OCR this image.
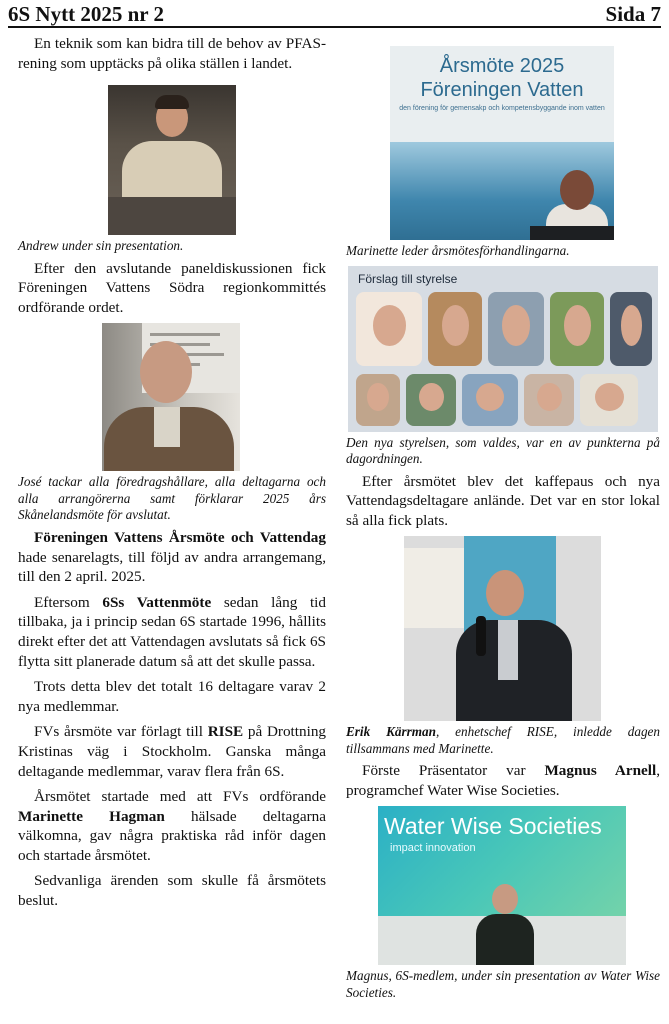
6S Nytt 2025 nr 2	Sida 7

En teknik som kan bidra till de behov av PFAS-rening som upptäcks på olika ställen i landet.

Andrew under sin presentation.

Efter den avslutande paneldiskussionen fick Föreningen Vattens Södra regionkommittés ordförande ordet.

José tackar alla föredragshållare, alla deltagarna och alla arrangörerna samt förklarar 2025 års Skånelandsmöte för avslutat.

Föreningen Vattens Årsmöte och Vattendag hade senarelagts, till följd av andra arrangemang, till den 2 april. 2025.

Eftersom 6Ss Vattenmöte sedan lång tid tillbaka, ja i princip sedan 6S startade 1996, hållits direkt efter det att Vattendagen avslutats så fick 6S flytta sitt planerade datum så att det skulle passa.

Trots detta blev det totalt 16 deltagare varav 2 nya medlemmar.

FVs årsmöte var förlagt till RISE på Drottning Kristinas väg i Stockholm. Ganska många deltagande medlemmar, varav flera från 6S.

Årsmötet startade med att FVs ordförande Marinette Hagman hälsade deltagarna välkomna, gav några praktiska råd inför dagen och startade årsmötet.

Sedvanliga ärenden som skulle få årsmötets beslut.

Årsmöte 2025
Föreningen Vatten
den förening för gemensakp och kompetensbyggande inom vatten

Marinette leder årsmötesförhandlingarna.

Förslag till styrelse

Den nya styrelsen, som valdes, var en av punkterna på dagordningen.

Efter årsmötet blev det kaffepaus och nya Vattendagsdeltagare anlände. Det var en stor lokal så alla fick plats.

Erik Kärrman, enhetschef RISE, inledde dagen tillsammans med Marinette.

Förste Präsentator var Magnus Arnell, programchef Water Wise Societies.

Water Wise Societies
impact innovation

Magnus, 6S-medlem, under sin presentation av Water Wise Societies.
